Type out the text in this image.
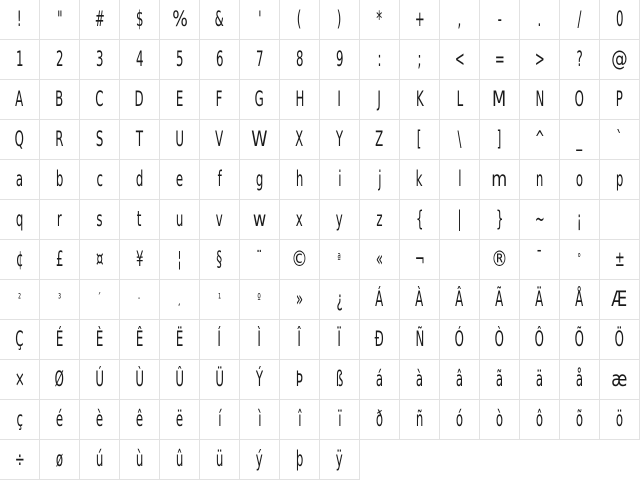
! " # $ % & ' ( ) * + , - . / 0
1 2 3 4 5 6 7 8 9 : ; < = > ? @
A B C D E F G H I J K L M N O P
Q R S T U V W X Y Z [ \ ] ^ _ `
a b c d e f g h i j k l m n o p
q r s t u v w x y z { | } ~ ¡
¢ £ ¤ ¥ ¦ § ¨ © ª « ¬	® ¯	° ±
²	³	´	·	¸	¹	º » ¿ Á À Â Ã Ä Å Æ
Ç É È Ê Ë Í Ì Î Ï Ð Ñ Ó Ò Ô Õ Ö
× Ø Ú Ù Û Ü Ý Þ ß á à â ã ä å æ
ç é è ê ë í ì î ï ð ñ ó ò ô õ ö
÷ ø ú ù û ü ý þ ÿ
